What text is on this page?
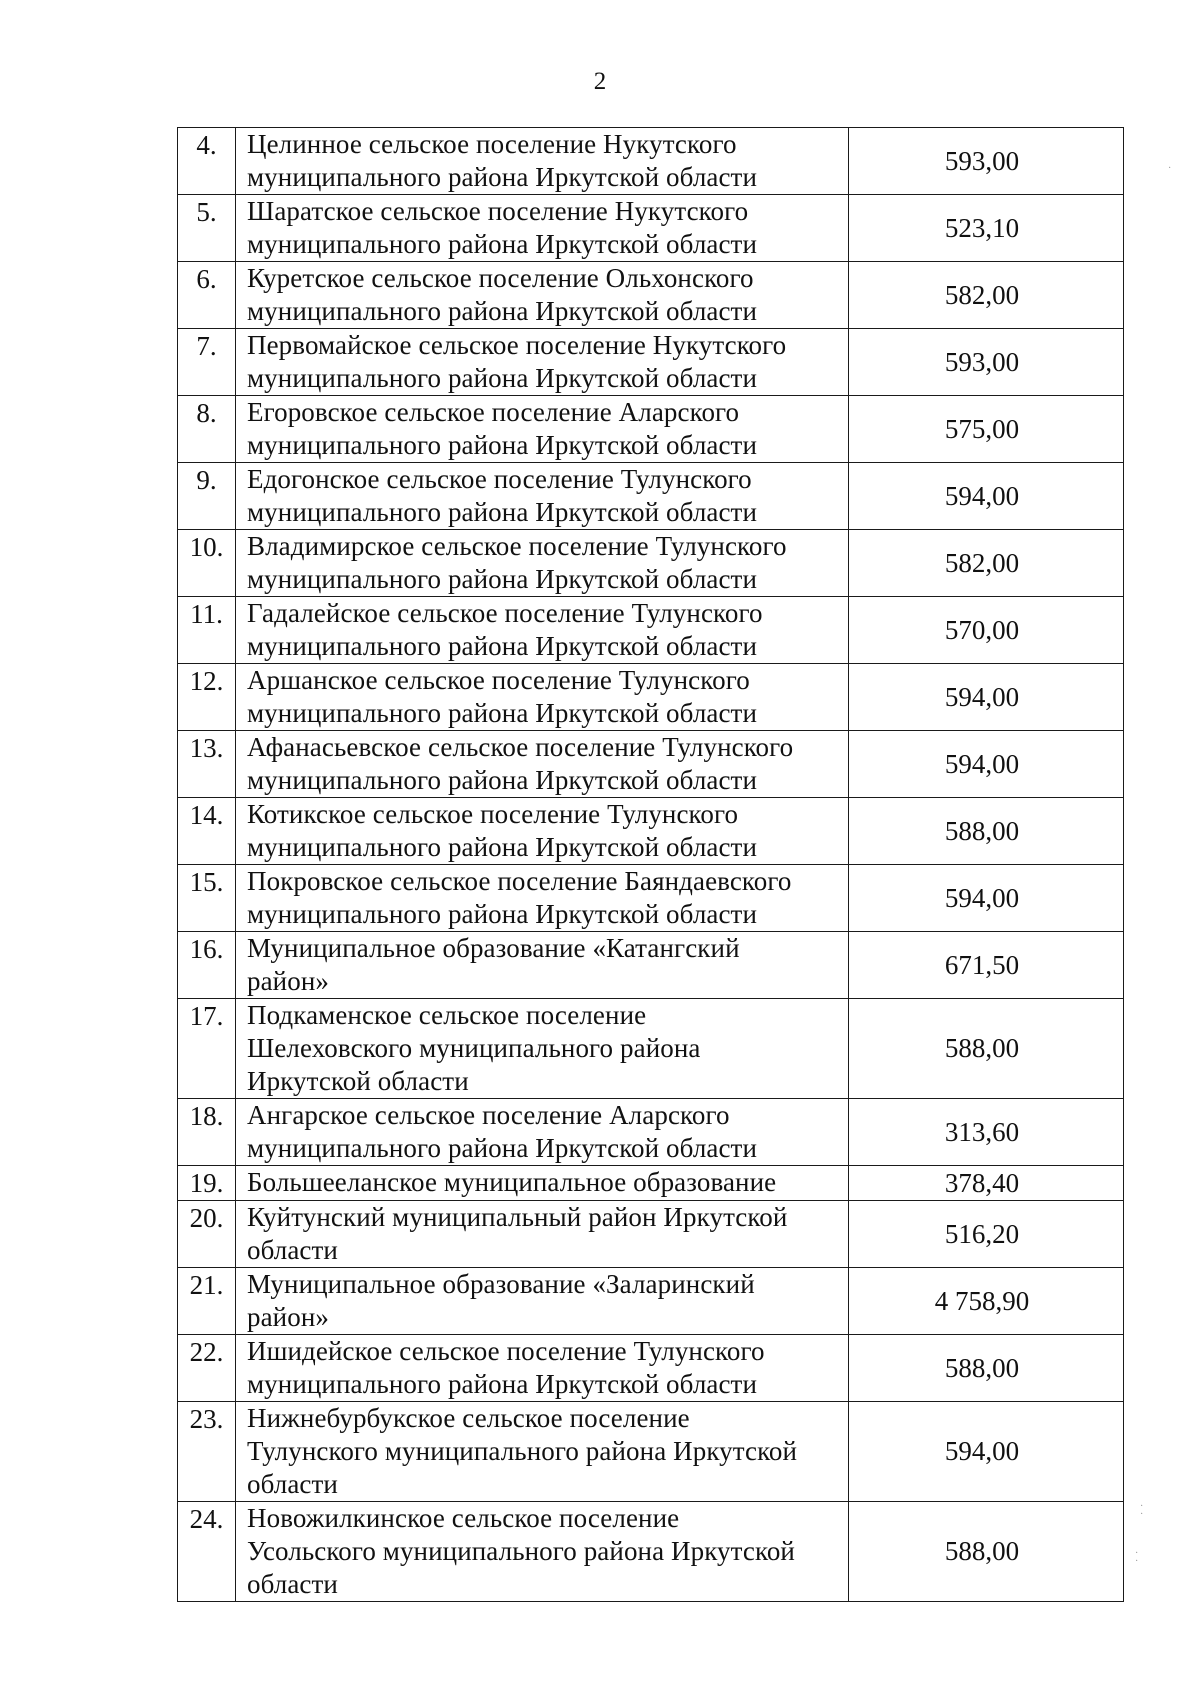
2
4.	Целинное сельское поселение Нукутского
муниципального района Иркутской области	593,00
5.	Шаратское сельское поселение Нукутского
муниципального района Иркутской области	523,10
6.	Куретское сельское поселение Ольхонского
муниципального района Иркутской области	582,00
7.	Первомайское сельское поселение Нукутского
муниципального района Иркутской области	593,00
8.	Егоровское сельское поселение Аларского
муниципального района Иркутской области	575,00
9.	Едогонское сельское поселение Тулунского
муниципального района Иркутской области	594,00
10.	Владимирское сельское поселение Тулунского
муниципального района Иркутской области	582,00
11.	Гадалейское сельское поселение Тулунского
муниципального района Иркутской области	570,00
12.	Аршанское сельское поселение Тулунского
муниципального района Иркутской области	594,00
13.	Афанасьевское сельское поселение Тулунского
муниципального района Иркутской области	594,00
14.	Котикское сельское поселение Тулунского
муниципального района Иркутской области	588,00
15.	Покровское сельское поселение Баяндаевского
муниципального района Иркутской области	594,00
16.	Муниципальное образование «Катангский
район»	671,50
17.	Подкаменское сельское поселение
Шелеховского муниципального района
Иркутской области	588,00
18.	Ангарское сельское поселение Аларского
муниципального района Иркутской области	313,60
19.	Большееланское муниципальное образование	378,40
20.	Куйтунский муниципальный район Иркутской
области	516,20
21.	Муниципальное образование «Заларинский
район»	4 758,90
22.	Ишидейское сельское поселение Тулунского
муниципального района Иркутской области	588,00
23.	Нижнебурбукское сельское поселение
Тулунского муниципального района Иркутской
области	594,00
24.	Новожилкинское сельское поселение
Усольского муниципального района Иркутской
области	588,00
·
·
·
·
·
